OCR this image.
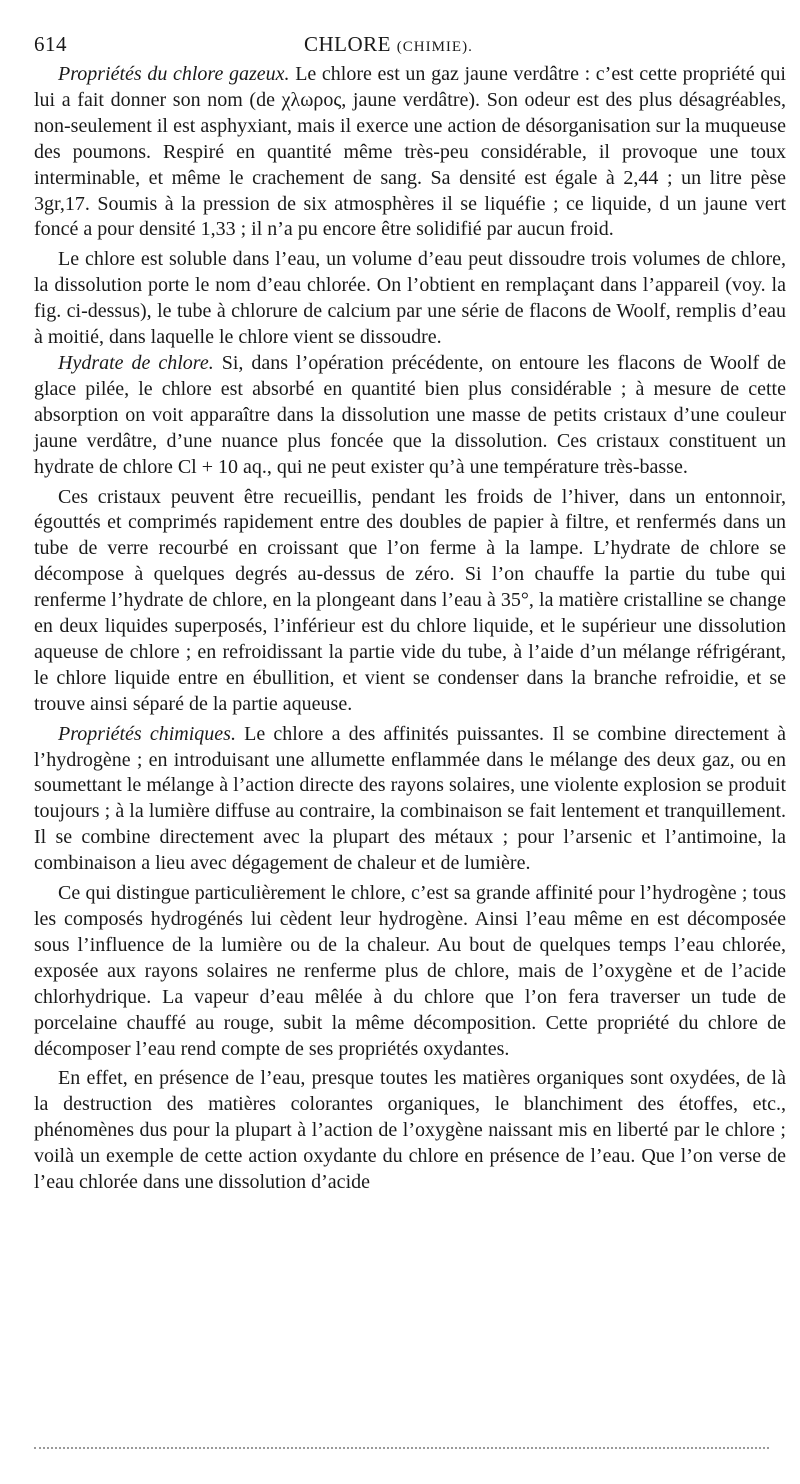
614	CHLORE (CHIMIE).

Propriétés du chlore gazeux. Le chlore est un gaz jaune verdâtre : c’est cette propriété qui lui a fait donner son nom (de χλωρος, jaune verdâtre). Son odeur est des plus désagréables, non-seulement il est asphyxiant, mais il exerce une action de désorganisation sur la muqueuse des poumons. Respiré en quantité même très-peu considérable, il provoque une toux interminable, et même le crachement de sang. Sa densité est égale à 2,44 ; un litre pèse 3gr,17. Soumis à la pression de six atmosphères il se liquéfie ; ce liquide, d un jaune vert foncé a pour densité 1,33 ; il n’a pu encore être solidifié par aucun froid.

Le chlore est soluble dans l’eau, un volume d’eau peut dissoudre trois volumes de chlore, la dissolution porte le nom d’eau chlorée. On l’obtient en remplaçant dans l’appareil (voy. la fig. ci-dessus), le tube à chlorure de calcium par une série de flacons de Woolf, remplis d’eau à moitié, dans laquelle le chlore vient se dissoudre.

Hydrate de chlore. Si, dans l’opération précédente, on entoure les flacons de Woolf de glace pilée, le chlore est absorbé en quantité bien plus considérable ; à mesure de cette absorption on voit apparaître dans la dissolution une masse de petits cristaux d’une couleur jaune verdâtre, d’une nuance plus foncée que la dissolution. Ces cristaux constituent un hydrate de chlore Cl + 10 aq., qui ne peut exister qu’à une température très-basse.

Ces cristaux peuvent être recueillis, pendant les froids de l’hiver, dans un entonnoir, égouttés et comprimés rapidement entre des doubles de papier à filtre, et renfermés dans un tube de verre recourbé en croissant que l’on ferme à la lampe. L’hydrate de chlore se décompose à quelques degrés au-dessus de zéro. Si l’on chauffe la partie du tube qui renferme l’hydrate de chlore, en la plongeant dans l’eau à 35°, la matière cristalline se change en deux liquides superposés, l’inférieur est du chlore liquide, et le supérieur une dissolution aqueuse de chlore ; en refroidissant la partie vide du tube, à l’aide d’un mélange réfrigérant, le chlore liquide entre en ébullition, et vient se condenser dans la branche refroidie, et se trouve ainsi séparé de la partie aqueuse.

Propriétés chimiques. Le chlore a des affinités puissantes. Il se combine directement à l’hydrogène ; en introduisant une allumette enflammée dans le mélange des deux gaz, ou en soumettant le mélange à l’action directe des rayons solaires, une violente explosion se produit toujours ; à la lumière diffuse au contraire, la combinaison se fait lentement et tranquillement. Il se combine directement avec la plupart des métaux ; pour l’arsenic et l’antimoine, la combinaison a lieu avec dégagement de chaleur et de lumière.

Ce qui distingue particulièrement le chlore, c’est sa grande affinité pour l’hydrogène ; tous les composés hydrogénés lui cèdent leur hydrogène. Ainsi l’eau même en est décomposée sous l’influence de la lumière ou de la chaleur. Au bout de quelques temps l’eau chlorée, exposée aux rayons solaires ne renferme plus de chlore, mais de l’oxygène et de l’acide chlorhydrique. La vapeur d’eau mêlée à du chlore que l’on fera traverser un tude de porcelaine chauffé au rouge, subit la même décomposition. Cette propriété du chlore de décomposer l’eau rend compte de ses propriétés oxydantes.

En effet, en présence de l’eau, presque toutes les matières organiques sont oxydées, de là la destruction des matières colorantes organiques, le blanchiment des étoffes, etc., phénomènes dus pour la plupart à l’action de l’oxygène naissant mis en liberté par le chlore ; voilà un exemple de cette action oxydante du chlore en présence de l’eau. Que l’on verse de l’eau chlorée dans une dissolution d’acide
